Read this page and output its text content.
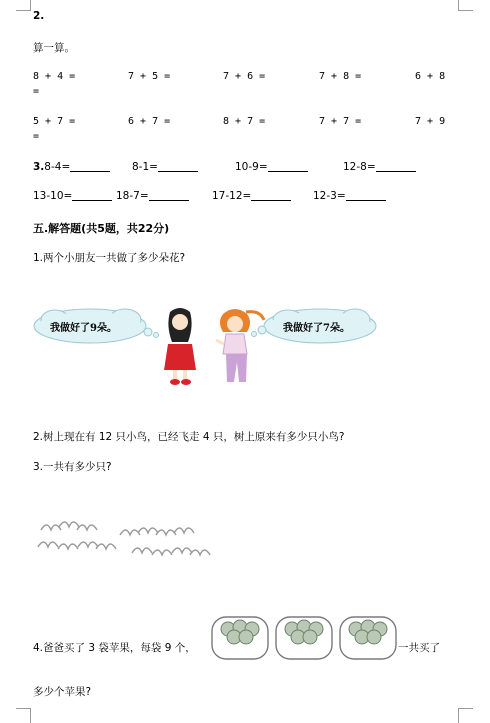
2.
算一算。
8 + 4 =	7 + 5 =	7 + 6 =	7 + 8 =	6 + 8
=
5 + 7 =	6 + 7 =	8 + 7 =	7 + 7 =	7 + 9
=
3.8-4=	8-1=	10-9=	12-8=
13-10=	18-7=	17-12=	12-3=
五.解答题(共5题，共22分)
1.两个小朋友一共做了多少朵花?
我做好了9朵。	我做好了7朵。
2.树上现在有 12 只小鸟，已经飞走 4 只，树上原来有多少只小鸟?
3.一共有多少只?
4.爸爸买了 3 袋苹果，每袋 9 个，	一共买了
多少个苹果?
